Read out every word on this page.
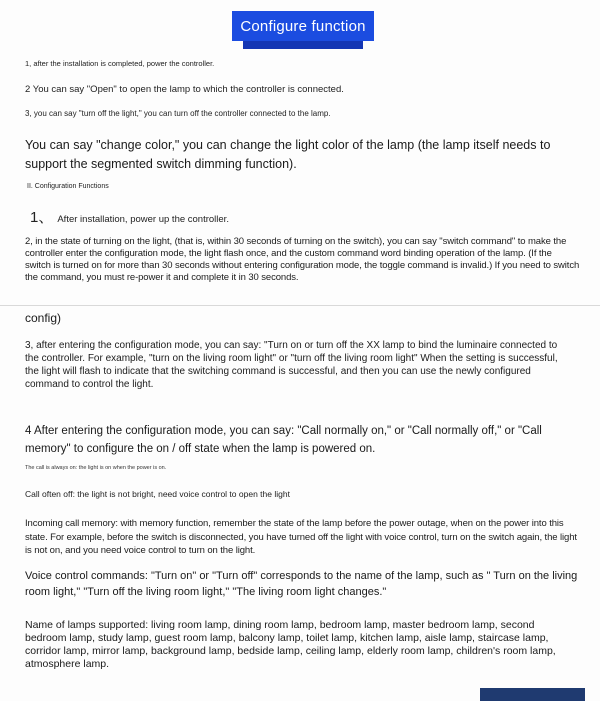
Configure function

1, after the installation is completed, power the controller.

2 You can say "Open" to open the lamp to which the controller is connected.

3, you can say "turn off the light," you can turn off the controller connected to the lamp.

You can say "change color," you can change the light color of the lamp (the lamp itself needs to support the segmented switch dimming function).

II. Configuration Functions

1、 After installation, power up the controller.

2, in the state of turning on the light, (that is, within 30 seconds of turning on the switch), you can say "switch command" to make the controller enter the configuration mode, the light flash once, and the custom command word binding operation of the lamp. (If the switch is turned on for more than 30 seconds without entering configuration mode, the toggle command is invalid.) If you need to switch the command, you must re-power it and complete it in 30 seconds.

config)

3, after entering the configuration mode, you can say: "Turn on or turn off the XX lamp to bind the luminaire connected to the controller. For example, "turn on the living room light" or "turn off the living room light" When the setting is successful, the light will flash to indicate that the switching command is successful, and then you can use the newly configured command to control the light.

4 After entering the configuration mode, you can say: "Call normally on," or "Call normally off," or "Call memory" to configure the on / off state when the lamp is powered on.

The call is always on: the light is on when the power is on.

Call often off: the light is not bright, need voice control to open the light

Incoming call memory: with memory function, remember the state of the lamp before the power outage, when on the power into this state. For example, before the switch is disconnected, you have turned off the light with voice control, turn on the switch again, the light is not on, and you need voice control to turn on the light.

Voice control commands: "Turn on" or "Turn off" corresponds to the name of the lamp, such as " Turn on the living room light," "Turn off the living room light," "The living room light changes."

Name of lamps supported: living room lamp, dining room lamp, bedroom lamp, master bedroom lamp, second bedroom lamp, study lamp, guest room lamp, balcony lamp, toilet lamp, kitchen lamp, aisle lamp, staircase lamp, corridor lamp, mirror lamp, background lamp, bedside lamp, ceiling lamp, elderly room lamp, children's room lamp, atmosphere lamp.
